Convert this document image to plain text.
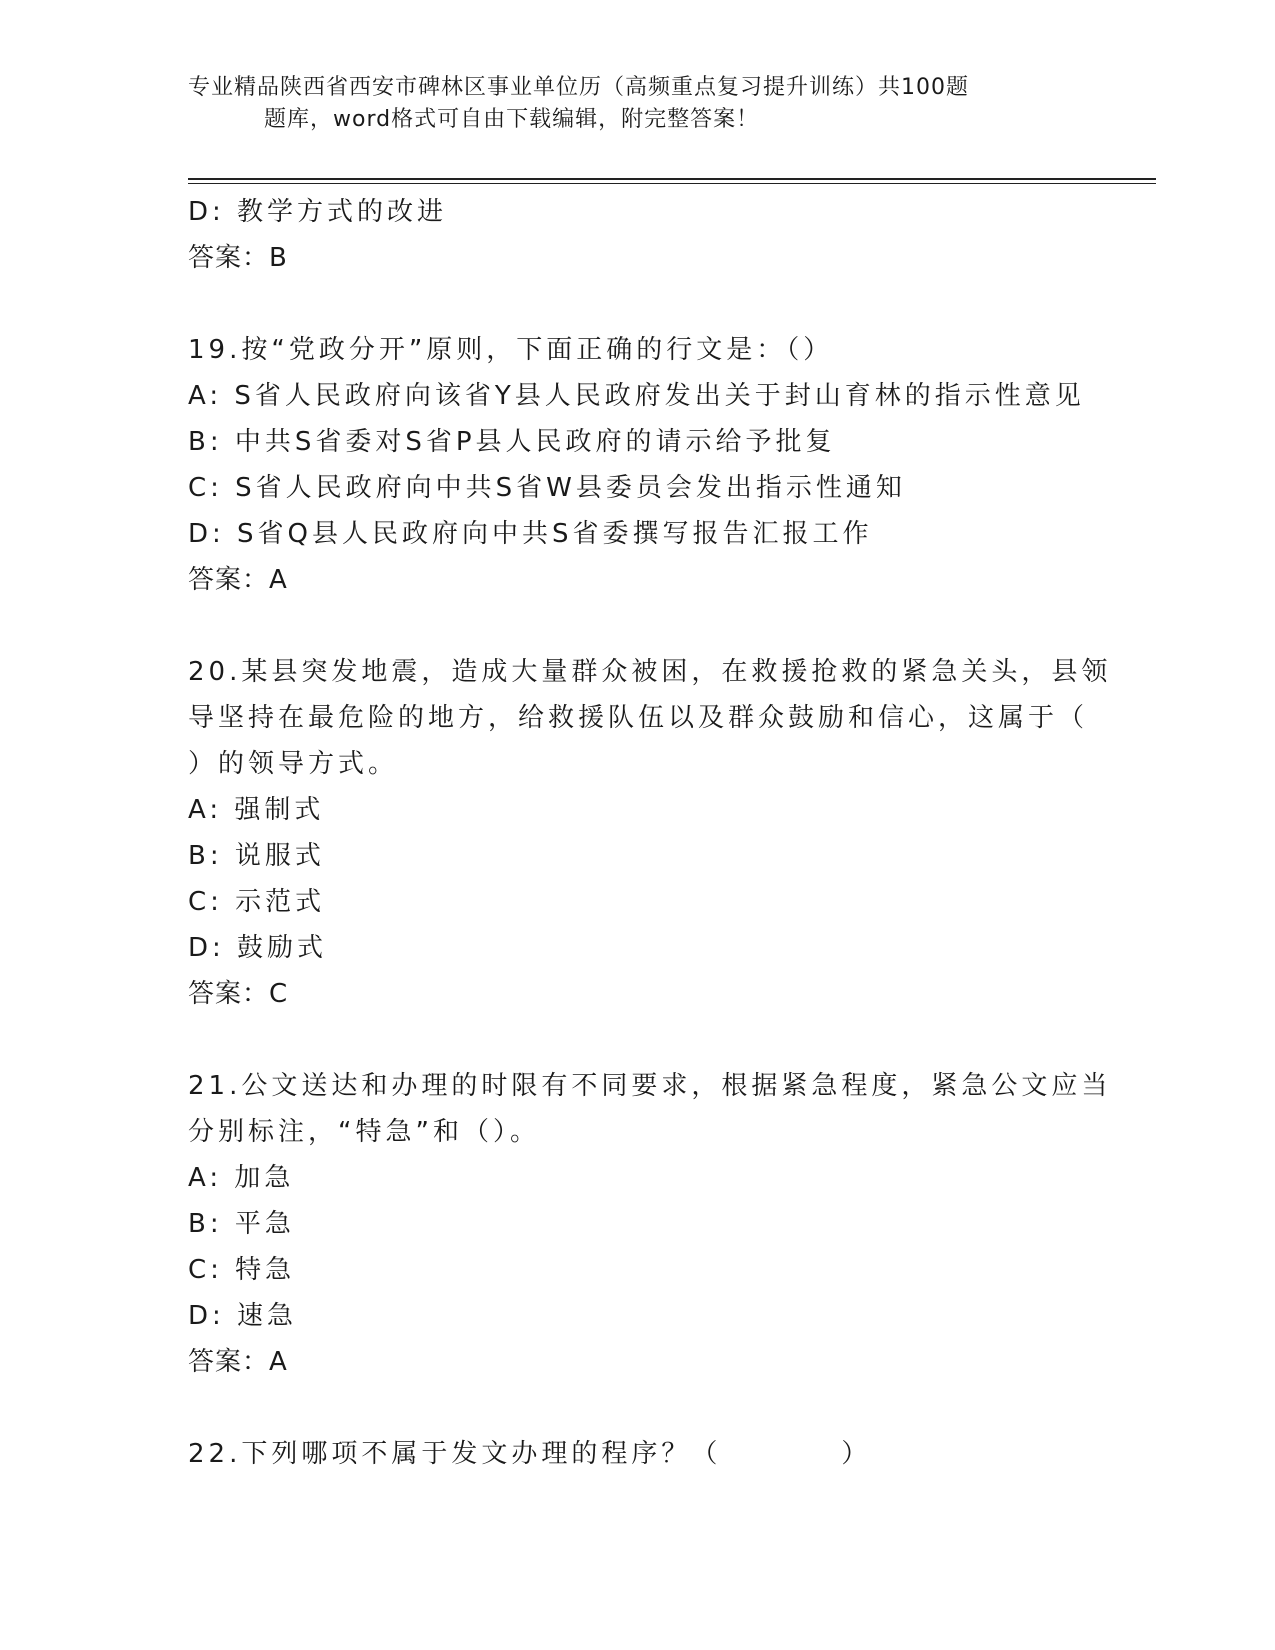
专业精品陕西省西安市碑林区事业单位历（高频重点复习提升训练）共100题
题库，word格式可自由下载编辑，附完整答案！
D: 教学方式的改进
答案：B
19.按“党政分开”原则，下面正确的行文是：（）
A: S省人民政府向该省Y县人民政府发出关于封山育林的指示性意见
B: 中共S省委对S省P县人民政府的请示给予批复
C: S省人民政府向中共S省W县委员会发出指示性通知
D: S省Q县人民政府向中共S省委撰写报告汇报工作
答案：A
20.某县突发地震，造成大量群众被困，在救援抢救的紧急关头，县领
导坚持在最危险的地方，给救援队伍以及群众鼓励和信心，这属于（
）的领导方式。
A: 强制式
B: 说服式
C: 示范式
D: 鼓励式
答案：C
21.公文送达和办理的时限有不同要求，根据紧急程度，紧急公文应当
分别标注，“特急”和（）。
A: 加急
B: 平急
C: 特急
D: 速急
答案：A
22.下列哪项不属于发文办理的程序？（　　　　）
